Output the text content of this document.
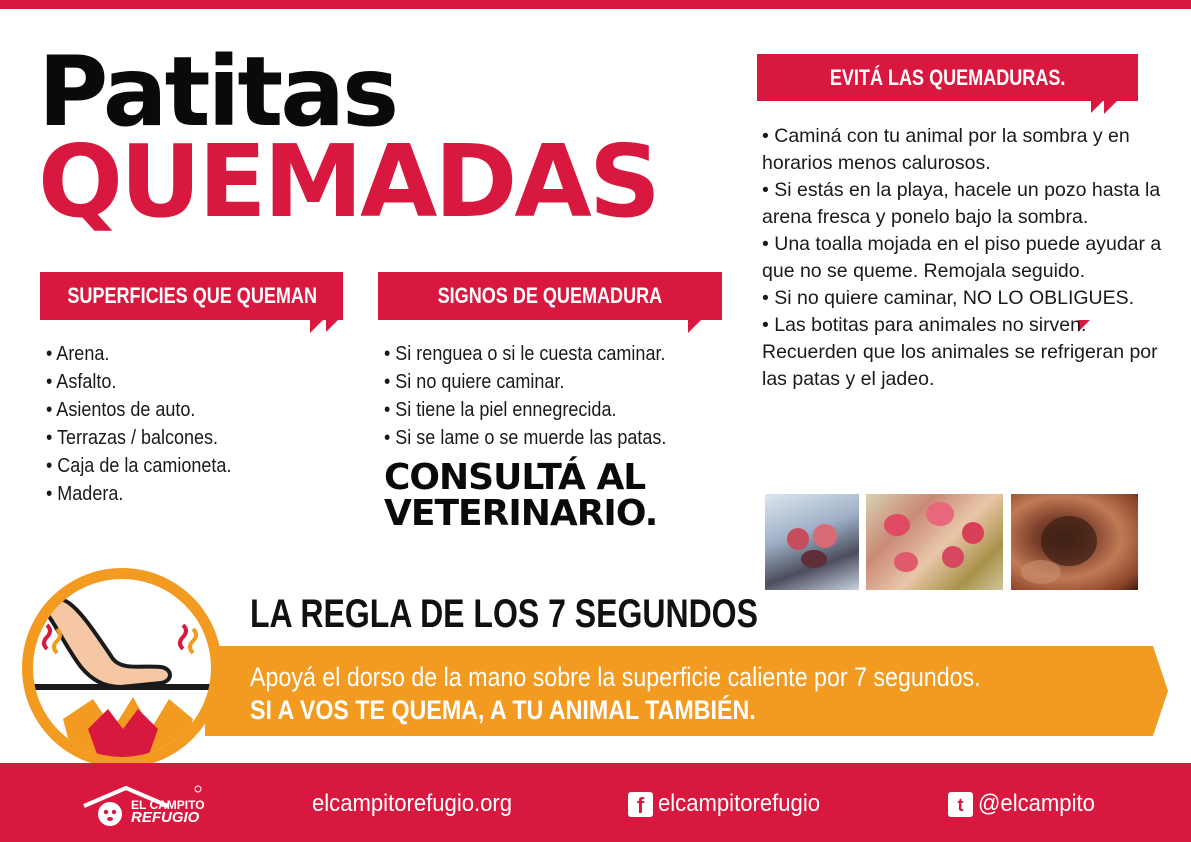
Patitas
QUEMADAS
SUPERFICIES QUE QUEMAN
• Arena.
• Asfalto.
• Asientos de auto.
• Terrazas / balcones.
• Caja de la camioneta.
• Madera.
SIGNOS DE QUEMADURA
• Si renguea o si le cuesta caminar.
• Si no quiere caminar.
• Si tiene la piel ennegrecida.
• Si se lame o se muerde las patas.
CONSULTÁ AL
VETERINARIO.
EVITÁ LAS QUEMADURAS.
• Caminá con tu animal por la sombra y en horarios menos calurosos.
• Si estás en la playa, hacele un pozo hasta la arena fresca y ponelo bajo la sombra.
• Una toalla mojada en el piso puede ayudar a que no se queme. Remojala seguido.
• Si no quiere caminar, NO LO OBLIGUES.
• Las botitas para animales no sirven. Recuerden que los animales se refrigeran por las patas y el jadeo.
LA REGLA DE LOS 7 SEGUNDOS
Apoyá el dorso de la mano sobre la superficie caliente por 7 segundos.
SI A VOS TE QUEMA, A TU ANIMAL TAMBIÉN.
EL CAMPITO
REFUGIO
elcampitorefugio.org	f elcampitorefugio	t @elcampito
